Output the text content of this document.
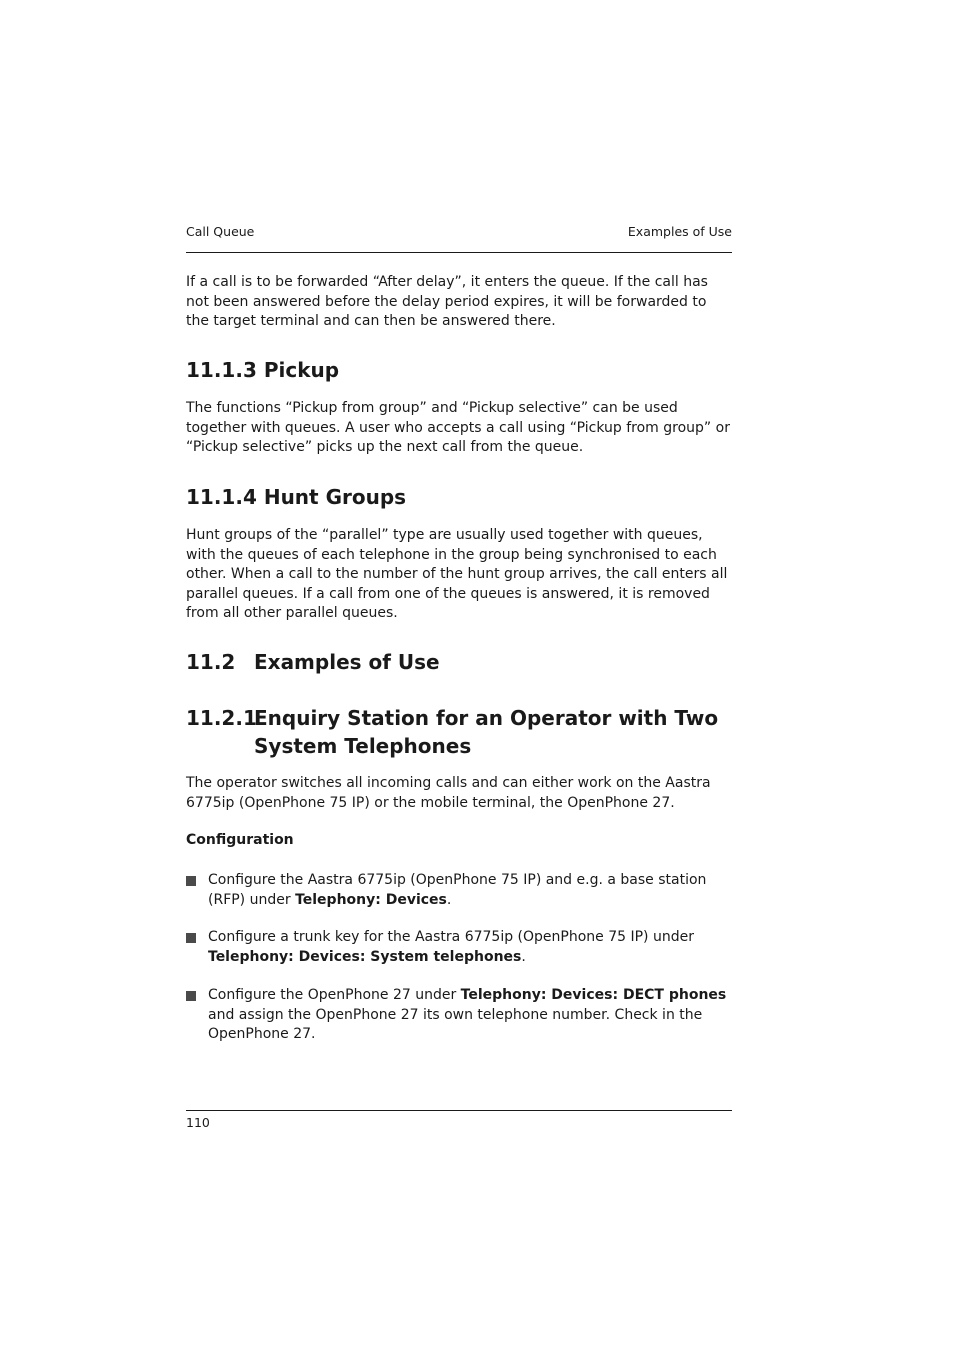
Call Queue	Examples of Use

If a call is to be forwarded “After delay”, it enters the queue. If the call has not been answered before the delay period expires, it will be forwarded to the target terminal and can then be answered there.

11.1.3 Pickup

The functions “Pickup from group” and “Pickup selective” can be used together with queues. A user who accepts a call using “Pickup from group” or “Pickup selective” picks up the next call from the queue.

11.1.4 Hunt Groups

Hunt groups of the “parallel” type are usually used together with queues, with the queues of each telephone in the group being synchronised to each other. When a call to the number of the hunt group arrives, the call enters all parallel queues. If a call from one of the queues is answered, it is removed from all other parallel queues.

11.2 Examples of Use
11.2.1
Enquiry Station for an Operator with Two System Telephones

The operator switches all incoming calls and can either work on the Aastra 6775ip (OpenPhone 75 IP) or the mobile terminal, the OpenPhone 27.

Configuration

Configure the Aastra 6775ip (OpenPhone 75 IP) and e.g. a base station (RFP) under Telephony: Devices.
Configure a trunk key for the Aastra 6775ip (OpenPhone 75 IP) under Telephony: Devices: System telephones.
Configure the OpenPhone 27 under Telephony: Devices: DECT phones and assign the OpenPhone 27 its own telephone number. Check in the OpenPhone 27.
110
